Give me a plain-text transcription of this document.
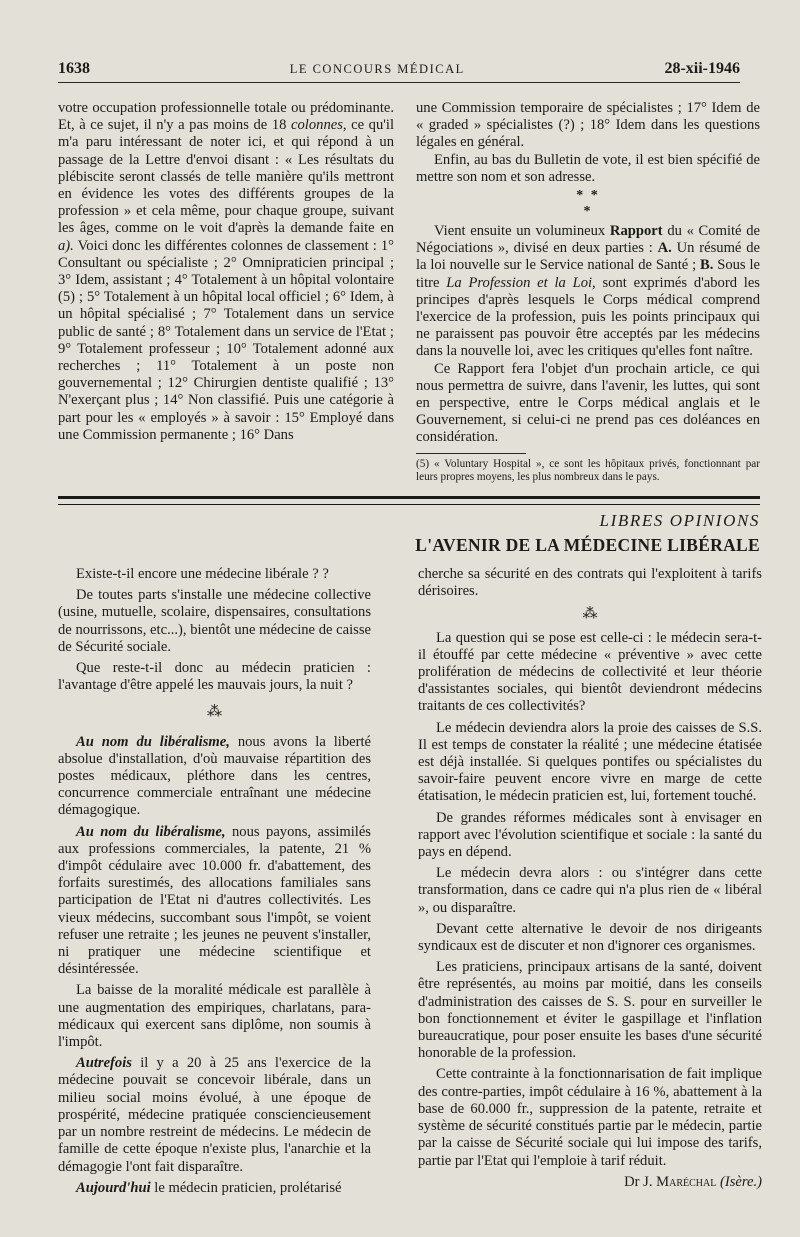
1638	LE CONCOURS MÉDICAL	28-xii-1946

votre occupation professionnelle totale ou prédominante. Et, à ce sujet, il n'y a pas moins de 18 colonnes, ce qu'il m'a paru intéressant de noter ici, et qui répond à un passage de la Lettre d'envoi disant : « Les résultats du plébiscite seront classés de telle manière qu'ils mettront en évidence les votes des différents groupes de la profession » et cela même, pour chaque groupe, suivant les âges, comme on le voit d'après la demande faite en a). Voici donc les différentes colonnes de classement : 1° Consultant ou spécialiste ; 2° Omnipraticien principal ; 3° Idem, assistant ; 4° Totalement à un hôpital volontaire (5) ; 5° Totalement à un hôpital local officiel ; 6° Idem, à un hôpital spécialisé ; 7° Totalement dans un service public de santé ; 8° Totalement dans un service de l'Etat ; 9° Totalement professeur ; 10° Totalement adonné aux recherches ; 11° Totalement à un poste non gouvernemental ; 12° Chirurgien dentiste qualifié ; 13° N'exerçant plus ; 14° Non classifié. Puis une catégorie à part pour les « employés » à savoir : 15° Employé dans une Commission permanente ; 16° Dans

une Commission temporaire de spécialistes ; 17° Idem de « graded » spécialistes (?) ; 18° Idem dans les questions légales en général.

Enfin, au bas du Bulletin de vote, il est bien spécifié de mettre son nom et son adresse.

* *
*

Vient ensuite un volumineux Rapport du « Comité de Négociations », divisé en deux parties : A. Un résumé de la loi nouvelle sur le Service national de Santé ; B. Sous le titre La Profession et la Loi, sont exprimés d'abord les principes d'après lesquels le Corps médical comprend l'exercice de la profession, puis les points principaux qui ne paraissent pas pouvoir être acceptés par les médecins dans la nouvelle loi, avec les critiques qu'elles font naître.

Ce Rapport fera l'objet d'un prochain article, ce qui nous permettra de suivre, dans l'avenir, les luttes, qui sont en perspective, entre le Corps médical anglais et le Gouvernement, si celui-ci ne prend pas ces doléances en considération.

(5) « Voluntary Hospital », ce sont les hôpitaux privés, fonctionnant par leurs propres moyens, les plus nombreux dans le pays.

LIBRES OPINIONS
L'AVENIR DE LA MÉDECINE LIBÉRALE

Existe-t-il encore une médecine libérale ? ?

De toutes parts s'installe une médecine collective (usine, mutuelle, scolaire, dispensaires, consultations de nourrissons, etc...), bientôt une médecine de caisse de Sécurité sociale.

Que reste-t-il donc au médecin praticien : l'avantage d'être appelé les mauvais jours, la nuit ?

⁂

Au nom du libéralisme, nous avons la liberté absolue d'installation, d'où mauvaise répartition des postes médicaux, pléthore dans les centres, concurrence commerciale entraînant une médecine démagogique.

Au nom du libéralisme, nous payons, assimilés aux professions commerciales, la patente, 21 % d'impôt cédulaire avec 10.000 fr. d'abattement, des forfaits surestimés, des allocations familiales sans participation de l'Etat ni d'autres collectivités. Les vieux médecins, succombant sous l'impôt, se voient refuser une retraite ; les jeunes ne peuvent s'installer, ni pratiquer une médecine scientifique et désintéressée.

La baisse de la moralité médicale est parallèle à une augmentation des empiriques, charlatans, para-médicaux qui exercent sans diplôme, non soumis à l'impôt.

Autrefois il y a 20 à 25 ans l'exercice de la médecine pouvait se concevoir libérale, dans un milieu social moins évolué, à une époque de prospérité, médecine pratiquée consciencieusement par un nombre restreint de médecins. Le médecin de famille de cette époque n'existe plus, l'anarchie et la démagogie l'ont fait disparaître.

Aujourd'hui le médecin praticien, prolétarisé

cherche sa sécurité en des contrats qui l'exploitent à tarifs dérisoires.

⁂

La question qui se pose est celle-ci : le médecin sera-t-il étouffé par cette médecine « préventive » avec cette prolifération de médecins de collectivité et leur théorie d'assistantes sociales, qui bientôt deviendront médecins traitants de ces collectivités?

Le médecin deviendra alors la proie des caisses de S.S. Il est temps de constater la réalité ; une médecine étatisée est déjà installée. Si quelques pontifes ou spécialistes du savoir-faire peuvent encore vivre en marge de cette étatisation, le médecin praticien est, lui, fortement touché.

De grandes réformes médicales sont à envisager en rapport avec l'évolution scientifique et sociale : la santé du pays en dépend.

Le médecin devra alors : ou s'intégrer dans cette transformation, dans ce cadre qui n'a plus rien de « libéral », ou disparaître.

Devant cette alternative le devoir de nos dirigeants syndicaux est de discuter et non d'ignorer ces organismes.

Les praticiens, principaux artisans de la santé, doivent être représentés, au moins par moitié, dans les conseils d'administration des caisses de S. S. pour en surveiller le bon fonctionnement et éviter le gaspillage et l'inflation bureaucratique, pour poser ensuite les bases d'une sécurité honorable de la profession.

Cette contrainte à la fonctionnarisation de fait implique des contre-parties, impôt cédulaire à 16 %, abattement à la base de 60.000 fr., suppression de la patente, retraite et système de sécurité constitués partie par le médecin, partie par la caisse de Sécurité sociale qui lui impose des tarifs, partie par l'Etat qui l'emploie à tarif réduit.

Dr J. Maréchal (Isère.)
